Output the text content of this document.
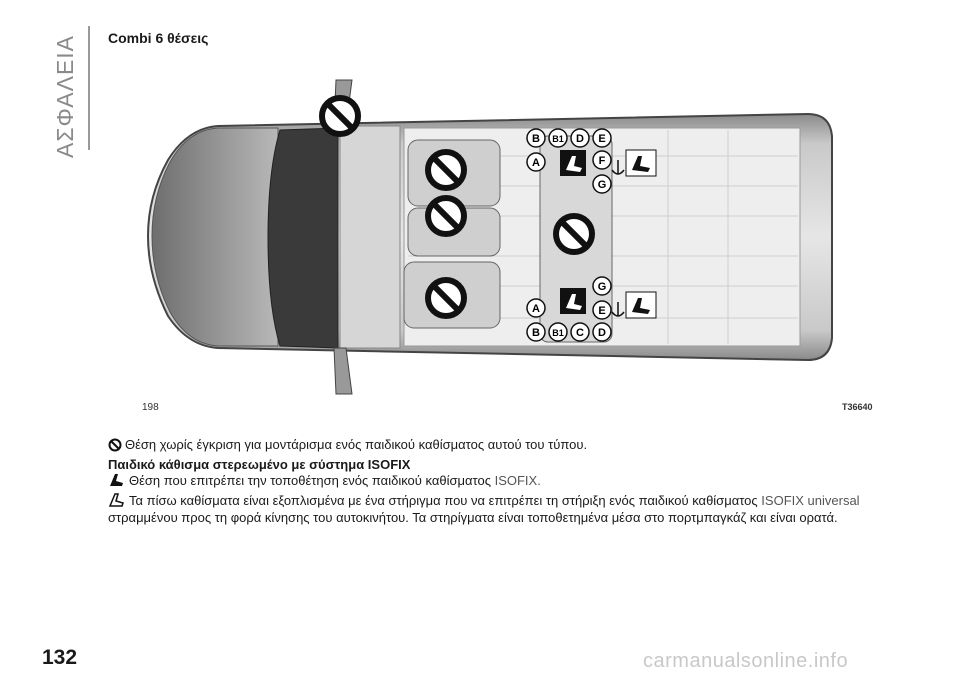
ΑΣΦΑΛΕΙΑ Combi 6 θέσεις
B B1 D E
A	F
G
G
A	E
B B1 C D
198	T36640
Θέση χωρίς έγκριση για μοντάρισμα ενός παιδικού καθίσματος αυτού του τύπου.
Παιδικό κάθισμα στερεωμένο με σύστημα ISOFIX
Θέση που επιτρέπει την τοποθέτηση ενός παιδικού καθίσματος ISOFIX.
Τα πίσω καθίσματα είναι εξοπλισμένα με ένα στήριγμα που να επιτρέπει τη στήριξη ενός παιδικού καθίσματος ISOFIX universal στραμμένου προς τη φορά κίνησης του αυτοκινήτου. Τα στηρίγματα είναι τοποθετημένα μέσα στο πορτμπαγκάζ και είναι ορατά.
132	carmanualsonline.info
